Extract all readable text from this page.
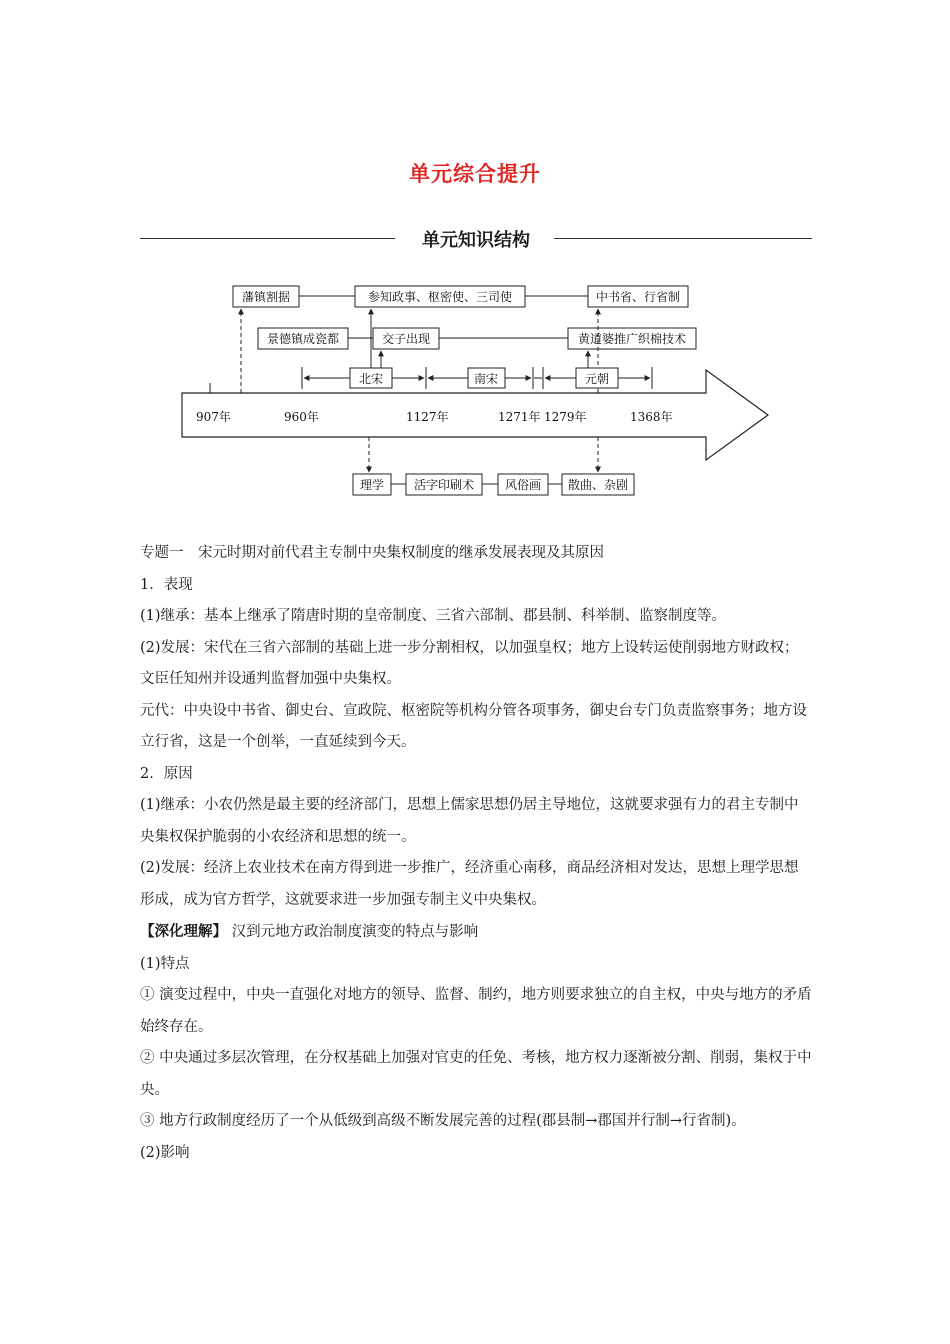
单元综合提升
单元知识结构
藩镇割据	参知政事、枢密使、三司使	中书省、行省制
景德镇成瓷都	交子出现	黄道婆推广织棉技术
北宋	南宋	元朝
907年	960年	1127年	1271年 1279年	1368年
理学 活字印刷术	风俗画 散曲、杂剧

专题一　宋元时期对前代君主专制中央集权制度的继承发展表现及其原因

1．表现

(1)继承：基本上继承了隋唐时期的皇帝制度、三省六部制、郡县制、科举制、监察制度等。

(2)发展：宋代在三省六部制的基础上进一步分割相权，以加强皇权；地方上设转运使削弱地方财政权；文臣任知州并设通判监督加强中央集权。

元代：中央设中书省、御史台、宣政院、枢密院等机构分管各项事务，御史台专门负责监察事务；地方设立行省，这是一个创举，一直延续到今天。

2．原因

(1)继承：小农仍然是最主要的经济部门，思想上儒家思想仍居主导地位，这就要求强有力的君主专制中央集权保护脆弱的小农经济和思想的统一。

(2)发展：经济上农业技术在南方得到进一步推广，经济重心南移，商品经济相对发达，思想上理学思想形成，成为官方哲学，这就要求进一步加强专制主义中央集权。

【深化理解】 汉到元地方政治制度演变的特点与影响

(1)特点

① 演变过程中，中央一直强化对地方的领导、监督、制约，地方则要求独立的自主权，中央与地方的矛盾始终存在。

② 中央通过多层次管理，在分权基础上加强对官吏的任免、考核，地方权力逐渐被分割、削弱，集权于中央。

③ 地方行政制度经历了一个从低级到高级不断发展完善的过程(郡县制→郡国并行制→行省制)。

(2)影响
